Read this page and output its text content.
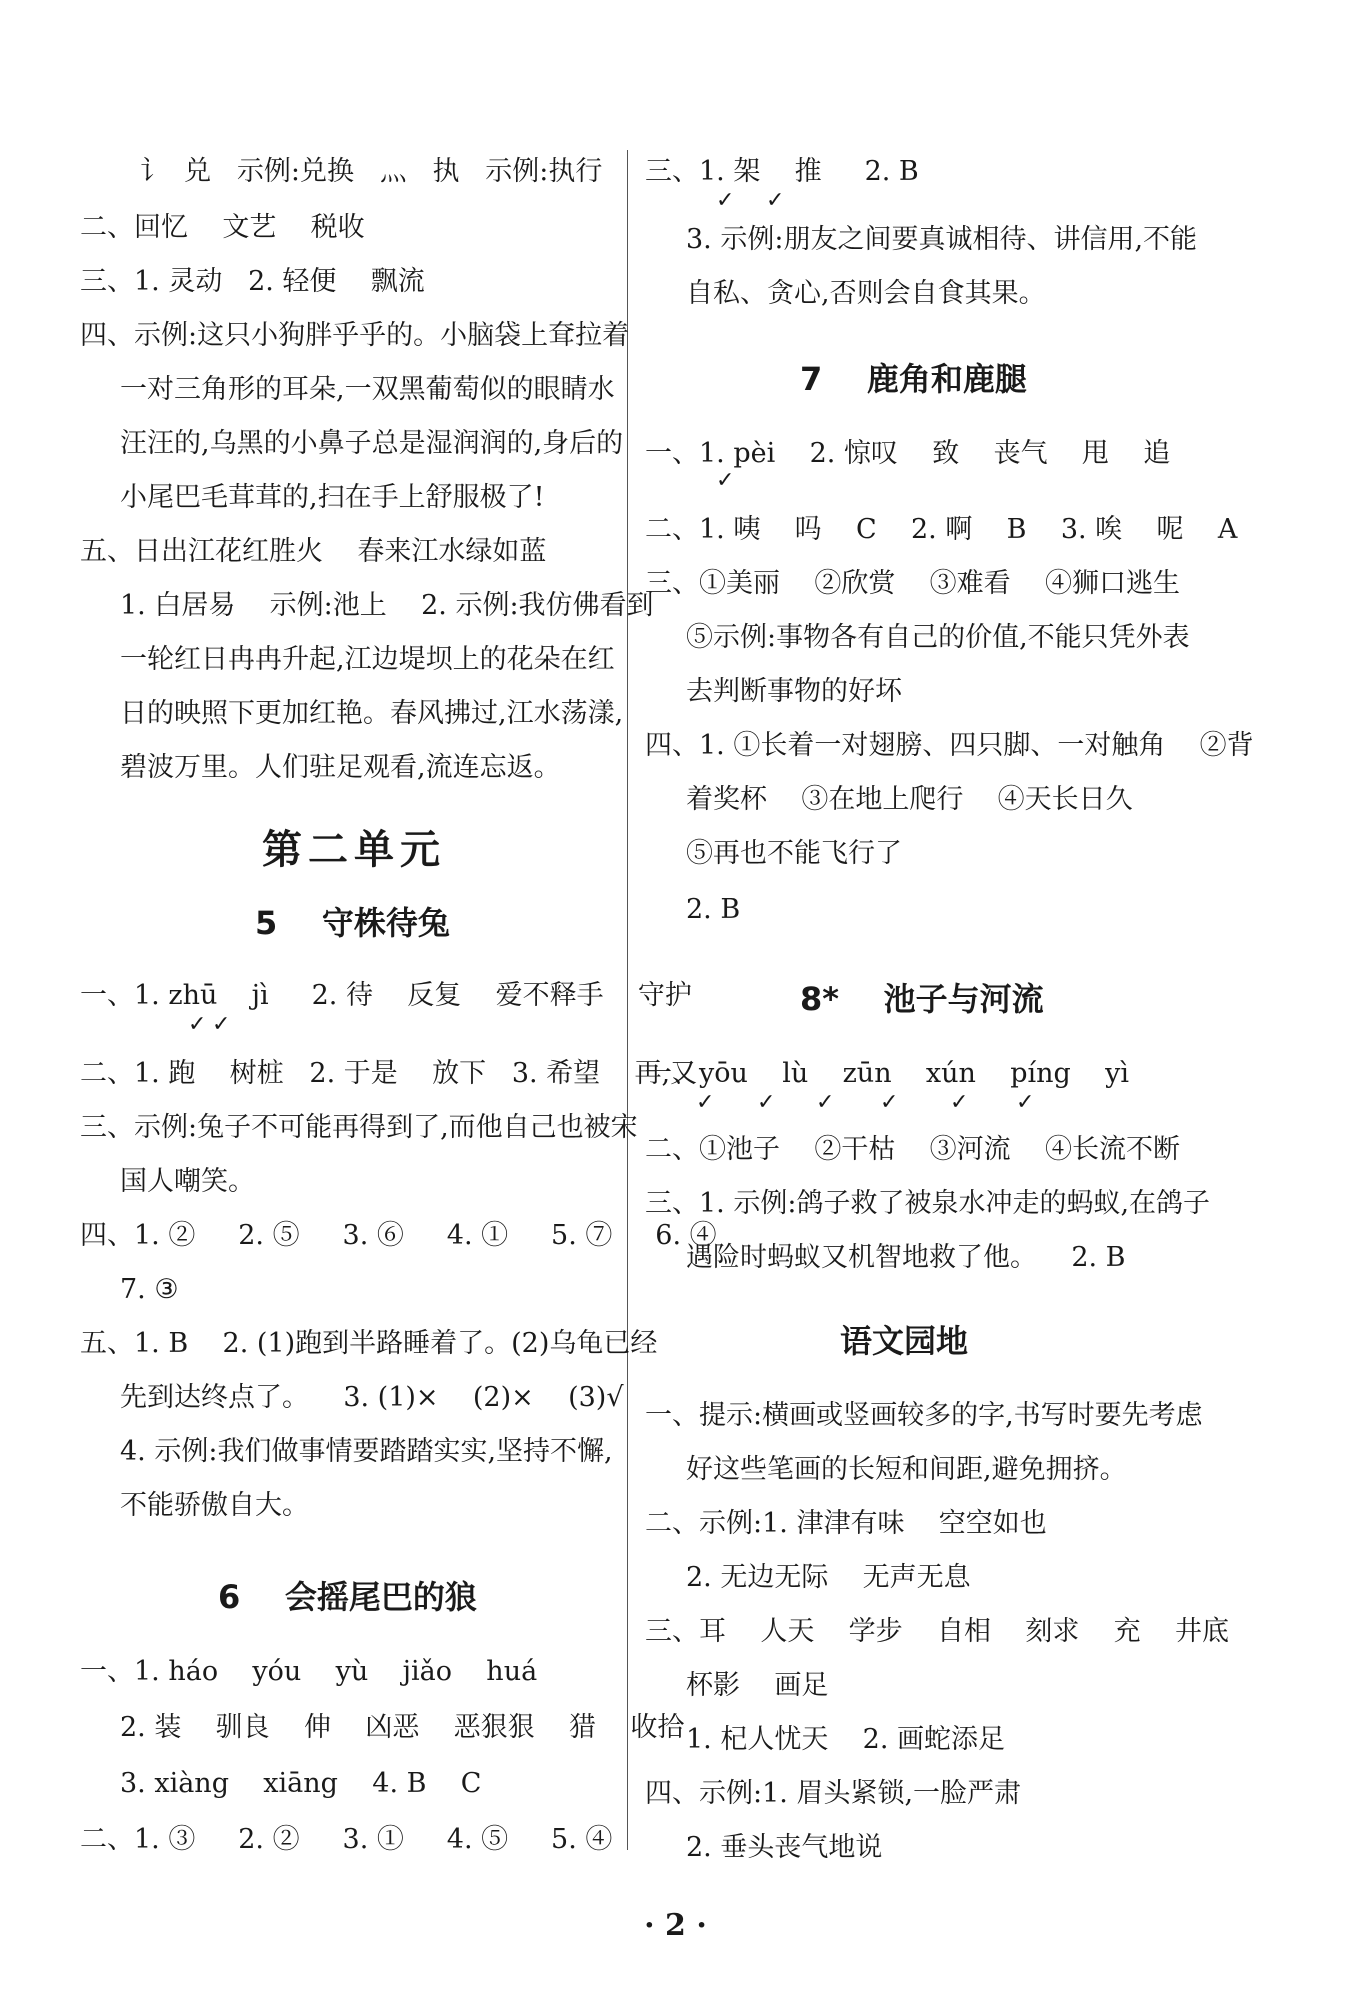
讠  兑   示例:兑换   灬   执   示例:执行
二、回忆    文艺    税收
三、1. 灵动   2. 轻便    飘流
四、示例:这只小狗胖乎乎的。小脑袋上耷拉着
一对三角形的耳朵,一双黑葡萄似的眼睛水
汪汪的,乌黑的小鼻子总是湿润润的,身后的
小尾巴毛茸茸的,扫在手上舒服极了!
五、日出江花红胜火    春来江水绿如蓝
1. 白居易    示例:池上    2. 示例:我仿佛看到
一轮红日冉冉升起,江边堤坝上的花朵在红
日的映照下更加红艳。春风拂过,江水荡漾,
碧波万里。人们驻足观看,流连忘返。
第二单元
5    守株待兔
一、1. zhū    jì     2. 待    反复    爱不释手    守护
✓ ✓
二、1. 跑    树桩   2. 于是    放下   3. 希望    再,又
三、示例:兔子不可能再得到了,而他自己也被宋
国人嘲笑。
四、1. ②     2. ⑤     3. ⑥     4. ①     5. ⑦     6. ④
7. ③
五、1. B    2. (1)跑到半路睡着了。(2)乌龟已经
先到达终点了。    3. (1)×    (2)×    (3)√
4. 示例:我们做事情要踏踏实实,坚持不懈,
不能骄傲自大。
6    会摇尾巴的狼
一、1. háo    yóu    yù    jiǎo    huá
2. 装    驯良    伸    凶恶    恶狠狠    猎    收拾
3. xiàng    xiāng    4. B    C
二、1. ③     2. ②     3. ①     4. ⑤     5. ④
三、1. 架    推     2. B
✓ ✓
3. 示例:朋友之间要真诚相待、讲信用,不能
自私、贪心,否则会自食其果。
7    鹿角和鹿腿
一、1. pèi    2. 惊叹    致    丧气    甩    追
✓
二、1. 咦    吗    C    2. 啊    B    3. 唉    呢    A
三、①美丽    ②欣赏    ③难看    ④狮口逃生
⑤示例:事物各有自己的价值,不能只凭外表
去判断事物的好坏
四、1. ①长着一对翅膀、四只脚、一对触角    ②背
着奖杯    ③在地上爬行    ④天长日久
⑤再也不能飞行了
2. B
8*    池子与河流
一、yōu    lù    zūn    xún    píng    yì
✓ ✓ ✓ ✓ ✓ ✓
二、①池子    ②干枯    ③河流    ④长流不断
三、1. 示例:鸽子救了被泉水冲走的蚂蚁,在鸽子
遇险时蚂蚁又机智地救了他。    2. B
语文园地
一、提示:横画或竖画较多的字,书写时要先考虑
好这些笔画的长短和间距,避免拥挤。
二、示例:1. 津津有味    空空如也
2. 无边无际    无声无息
三、耳    人天    学步    自相    刻求    充    井底
杯影    画足
1. 杞人忧天    2. 画蛇添足
四、示例:1. 眉头紧锁,一脸严肃
2. 垂头丧气地说
· 2 ·
